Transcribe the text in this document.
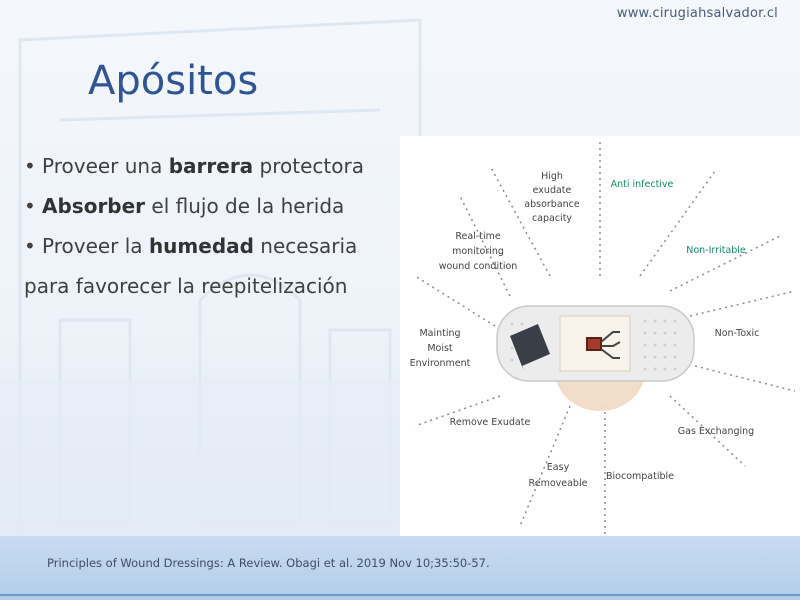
www.cirugiahsalvador.cl
Apósitos
• Proveer una barrera protectora
• Absorber el flujo de la herida
• Proveer la humedad necesaria
para favorecer la reepitelización
High
exudate
absorbance
capacity
Anti infective
Real-time
monitoring
wound condition
Non-Irritable
Mainting
Moist
Environment
Non-Toxic
Remove Exudate
Gas Exchanging
Easy
Removeable
Biocompatible
Principles of Wound Dressings: A Review. Obagi et al. 2019 Nov 10;35:50-57.
